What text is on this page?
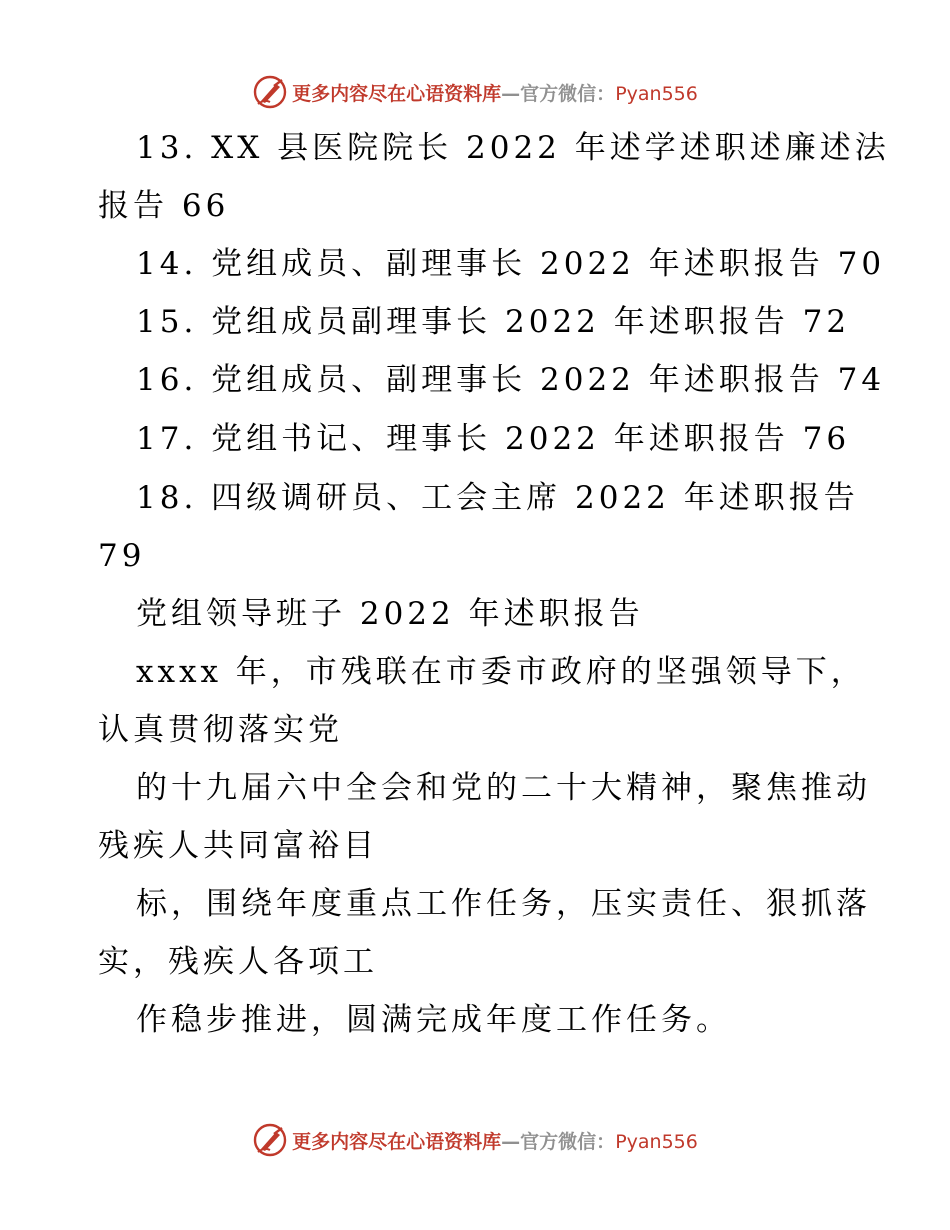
更多内容尽在心语资料库—官方微信：Pyan556
13. XX 县医院院长 2022 年述学述职述廉述法
报告 66
14. 党组成员、副理事长 2022 年述职报告 70
15. 党组成员副理事长 2022 年述职报告 72
16. 党组成员、副理事长 2022 年述职报告 74
17. 党组书记、理事长 2022 年述职报告 76
18. 四级调研员、工会主席 2022 年述职报告
79
党组领导班子 2022 年述职报告
xxxx 年，市残联在市委市政府的坚强领导下，
认真贯彻落实党
的十九届六中全会和党的二十大精神，聚焦推动
残疾人共同富裕目
标，围绕年度重点工作任务，压实责任、狠抓落
实，残疾人各项工
作稳步推进，圆满完成年度工作任务。
更多内容尽在心语资料库—官方微信：Pyan556
